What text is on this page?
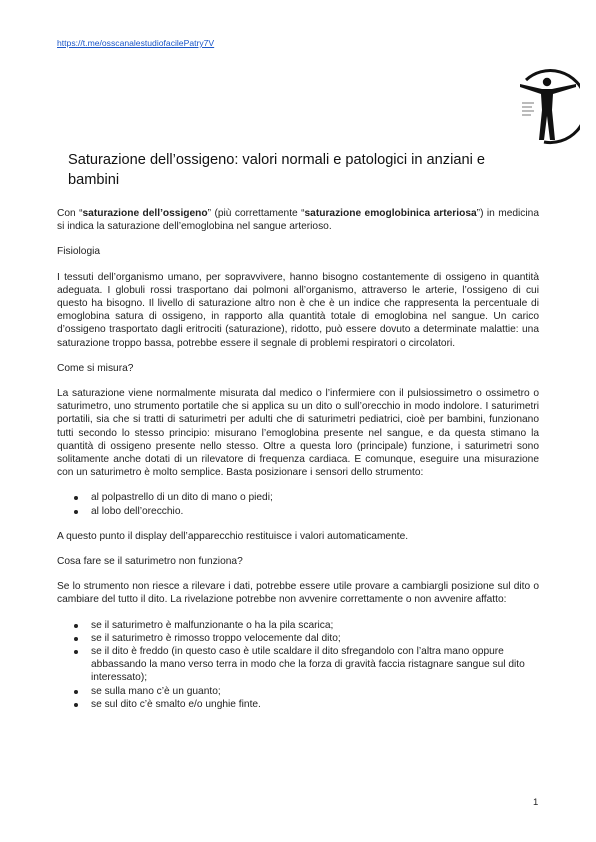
https://t.me/osscanalestudiofacilePatry7V
Saturazione dell’ossigeno: valori normali e patologici in anziani e bambini

Con “saturazione dell’ossigeno” (più correttamente “saturazione emoglobinica arteriosa”) in medicina si indica la saturazione dell’emoglobina nel sangue arterioso.

Fisiologia

I tessuti dell’organismo umano, per sopravvivere, hanno bisogno costantemente di ossigeno in quantità adeguata. I globuli rossi trasportano dai polmoni all’organismo, attraverso le arterie, l’ossigeno di cui questo ha bisogno. Il livello di saturazione altro non è che è un indice che rappresenta la percentuale di emoglobina satura di ossigeno, in rapporto alla quantità totale di emoglobina nel sangue. Un carico d’ossigeno trasportato dagli eritrociti (saturazione), ridotto, può essere dovuto a determinate malattie: una saturazione troppo bassa, potrebbe essere il segnale di problemi respiratori o circolatori.

Come si misura?

La saturazione viene normalmente misurata dal medico o l’infermiere con il pulsiossimetro o ossimetro o saturimetro, uno strumento portatile che si applica su un dito o sull’orecchio in modo indolore. I saturimetri portatili, sia che si tratti di saturimetri per adulti che di saturimetri pediatrici, cioè per bambini, funzionano tutti secondo lo stesso principio: misurano l’emoglobina presente nel sangue, e da questa stimano la quantità di ossigeno presente nello stesso. Oltre a questa loro (principale) funzione, i saturimetri sono solitamente anche dotati di un rilevatore di frequenza cardiaca. E comunque, eseguire una misurazione con un saturimetro è molto semplice. Basta posizionare i sensori dello strumento:

al polpastrello di un dito di mano o piedi;
al lobo dell’orecchio.

A questo punto il display dell’apparecchio restituisce i valori automaticamente.

Cosa fare se il saturimetro non funziona?

Se lo strumento non riesce a rilevare i dati, potrebbe essere utile provare a cambiargli posizione sul dito o cambiare del tutto il dito. La rivelazione potrebbe non avvenire correttamente o non avvenire affatto:

se il saturimetro è malfunzionante o ha la pila scarica;
se il saturimetro è rimosso troppo velocemente dal dito;
se il dito è freddo (in questo caso è utile scaldare il dito sfregandolo con l’altra mano oppure abbassando la mano verso terra in modo che la forza di gravità faccia ristagnare sangue sul dito interessato);
se sulla mano c’è un guanto;
se sul dito c’è smalto e/o unghie finte.
1
